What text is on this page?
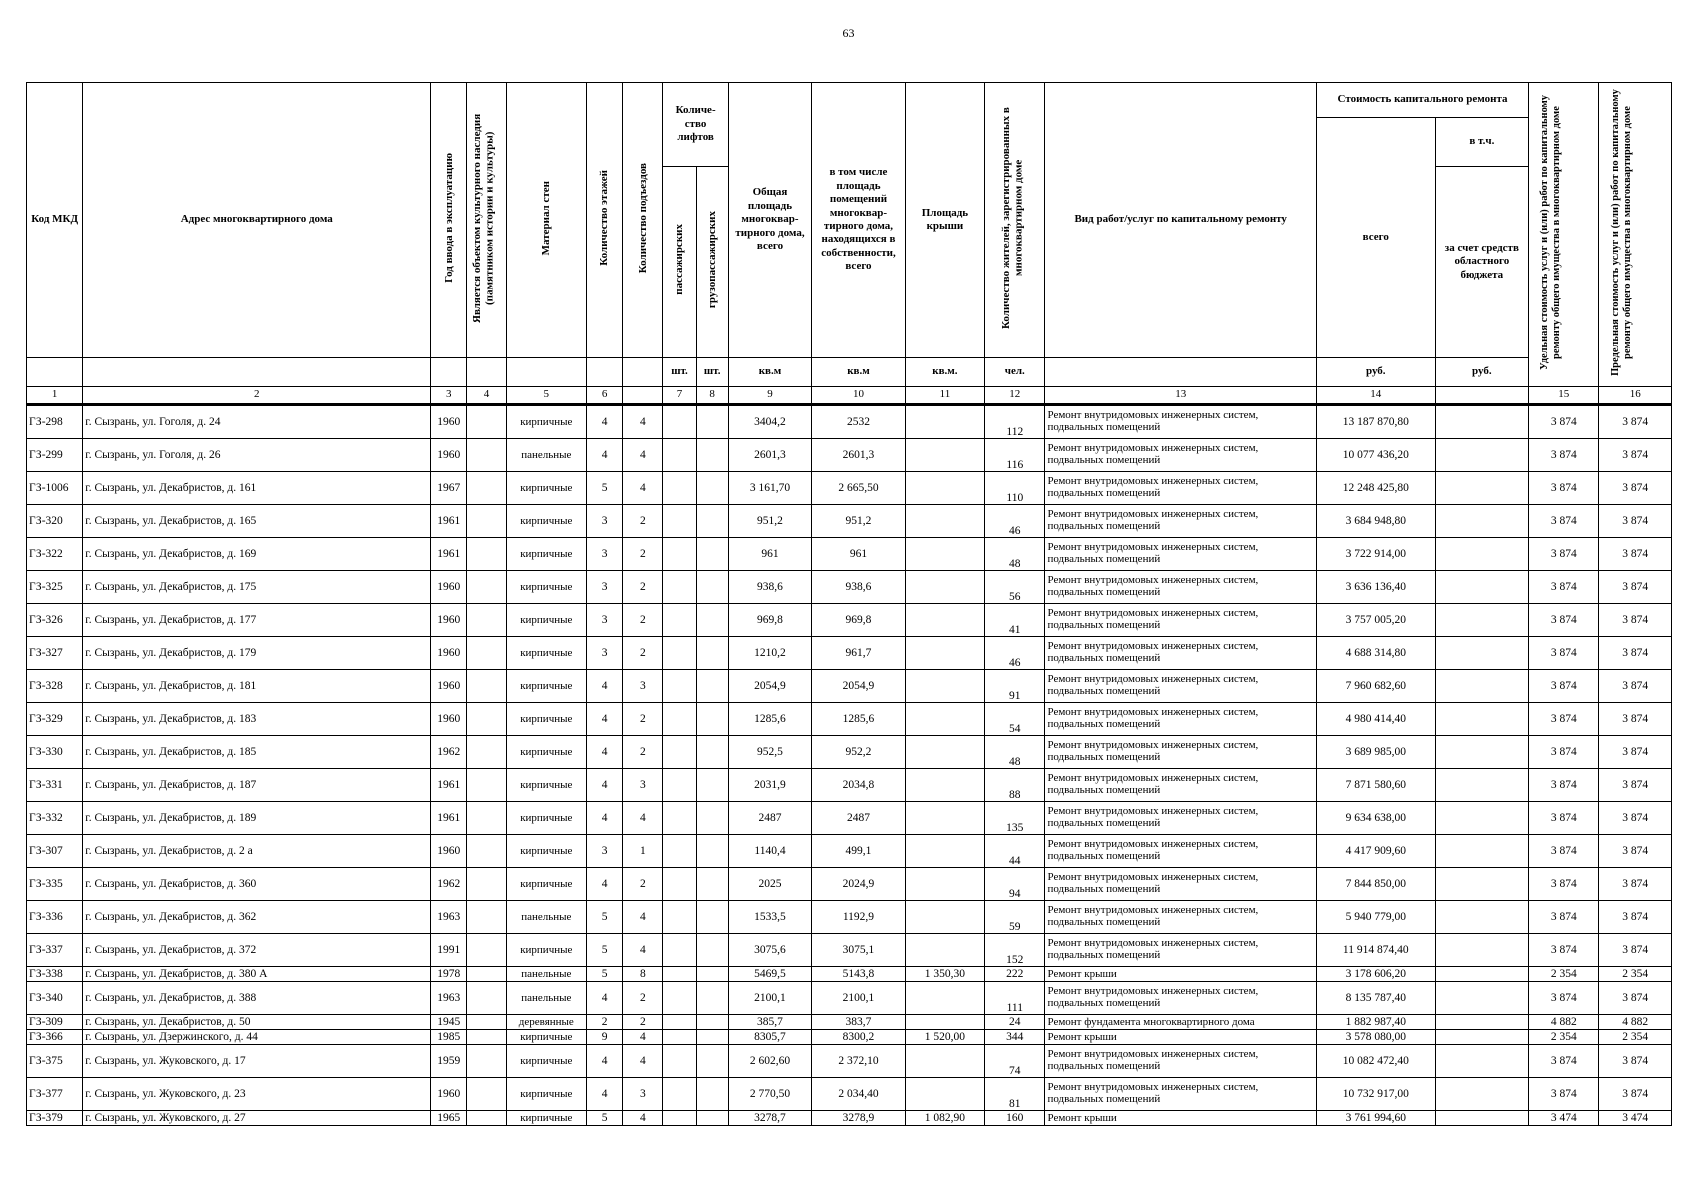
63
Код МКД	Адрес многоквартирного дома	Год ввода в эксплуатацию	Является объектом культурного наследия (памятником истории и культуры)	Материал стен	Количество этажей	Количество подъездов	Количе-ство лифтов		Общая площадь многоквар-тирного дома, всего	в том числе площадь помещений многоквар-тирного дома, находящихся в собственности, всего	Площадь крыши	Количество жителей, зарегистрированных в многоквартирном доме	Вид работ/услуг по капитальному ремонту	Стоимость капитального ремонта		Удельная стоимость услуг и (или) работ по капитальному ремонту общего имущества в многоквартирном доме	Предельная стоимость услуг и (или) работ по капитальному ремонту общего имущества в многоквартирном доме
														всего	в т.ч.		
							пассажирских	грузопассажирских							за счет средств областного бюджета		
							шт.	шт.	кв.м	кв.м	кв.м.	чел.		руб.	руб.		
1	2	3	4	5	6		7	8	9	10	11	12	13	14		15	16
ГЗ-298	г. Сызрань, ул. Гоголя, д. 24	1960		кирпичные	4	4			3404,2	2532		112	Ремонт внутридомовых инженерных систем, подвальных помещений	13 187 870,80		3 874	3 874
ГЗ-299	г. Сызрань, ул. Гоголя, д. 26	1960		панельные	4	4			2601,3	2601,3		116	Ремонт внутридомовых инженерных систем, подвальных помещений	10 077 436,20		3 874	3 874
ГЗ-1006	г. Сызрань, ул. Декабристов, д. 161	1967		кирпичные	5	4			3 161,70	2 665,50		110	Ремонт внутридомовых инженерных систем, подвальных помещений	12 248 425,80		3 874	3 874
ГЗ-320	г. Сызрань, ул. Декабристов, д. 165	1961		кирпичные	3	2			951,2	951,2		46	Ремонт внутридомовых инженерных систем, подвальных помещений	3 684 948,80		3 874	3 874
ГЗ-322	г. Сызрань, ул. Декабристов, д. 169	1961		кирпичные	3	2			961	961		48	Ремонт внутридомовых инженерных систем, подвальных помещений	3 722 914,00		3 874	3 874
ГЗ-325	г. Сызрань, ул. Декабристов, д. 175	1960		кирпичные	3	2			938,6	938,6		56	Ремонт внутридомовых инженерных систем, подвальных помещений	3 636 136,40		3 874	3 874
ГЗ-326	г. Сызрань, ул. Декабристов, д. 177	1960		кирпичные	3	2			969,8	969,8		41	Ремонт внутридомовых инженерных систем, подвальных помещений	3 757 005,20		3 874	3 874
ГЗ-327	г. Сызрань, ул. Декабристов, д. 179	1960		кирпичные	3	2			1210,2	961,7		46	Ремонт внутридомовых инженерных систем, подвальных помещений	4 688 314,80		3 874	3 874
ГЗ-328	г. Сызрань, ул. Декабристов, д. 181	1960		кирпичные	4	3			2054,9	2054,9		91	Ремонт внутридомовых инженерных систем, подвальных помещений	7 960 682,60		3 874	3 874
ГЗ-329	г. Сызрань, ул. Декабристов, д. 183	1960		кирпичные	4	2			1285,6	1285,6		54	Ремонт внутридомовых инженерных систем, подвальных помещений	4 980 414,40		3 874	3 874
ГЗ-330	г. Сызрань, ул. Декабристов, д. 185	1962		кирпичные	4	2			952,5	952,2		48	Ремонт внутридомовых инженерных систем, подвальных помещений	3 689 985,00		3 874	3 874
ГЗ-331	г. Сызрань, ул. Декабристов, д. 187	1961		кирпичные	4	3			2031,9	2034,8		88	Ремонт внутридомовых инженерных систем, подвальных помещений	7 871 580,60		3 874	3 874
ГЗ-332	г. Сызрань, ул. Декабристов, д. 189	1961		кирпичные	4	4			2487	2487		135	Ремонт внутридомовых инженерных систем, подвальных помещений	9 634 638,00		3 874	3 874
ГЗ-307	г. Сызрань, ул. Декабристов, д. 2 а	1960		кирпичные	3	1			1140,4	499,1		44	Ремонт внутридомовых инженерных систем, подвальных помещений	4 417 909,60		3 874	3 874
ГЗ-335	г. Сызрань, ул. Декабристов, д. 360	1962		кирпичные	4	2			2025	2024,9		94	Ремонт внутридомовых инженерных систем, подвальных помещений	7 844 850,00		3 874	3 874
ГЗ-336	г. Сызрань, ул. Декабристов, д. 362	1963		панельные	5	4			1533,5	1192,9		59	Ремонт внутридомовых инженерных систем, подвальных помещений	5 940 779,00		3 874	3 874
ГЗ-337	г. Сызрань, ул. Декабристов, д. 372	1991		кирпичные	5	4			3075,6	3075,1		152	Ремонт внутридомовых инженерных систем, подвальных помещений	11 914 874,40		3 874	3 874
ГЗ-338	г. Сызрань, ул. Декабристов, д. 380 А	1978		панельные	5	8			5469,5	5143,8	1 350,30	222	Ремонт крыши	3 178 606,20		2 354	2 354
ГЗ-340	г. Сызрань, ул. Декабристов, д. 388	1963		панельные	4	2			2100,1	2100,1		111	Ремонт внутридомовых инженерных систем, подвальных помещений	8 135 787,40		3 874	3 874
ГЗ-309	г. Сызрань, ул. Декабристов, д. 50	1945		деревянные	2	2			385,7	383,7		24	Ремонт фундамента многоквартирного дома	1 882 987,40		4 882	4 882
ГЗ-366	г. Сызрань, ул. Дзержинского, д. 44	1985		кирпичные	9	4			8305,7	8300,2	1 520,00	344	Ремонт крыши	3 578 080,00		2 354	2 354
ГЗ-375	г. Сызрань, ул. Жуковского, д. 17	1959		кирпичные	4	4			2 602,60	2 372,10		74	Ремонт внутридомовых инженерных систем, подвальных помещений	10 082 472,40		3 874	3 874
ГЗ-377	г. Сызрань, ул. Жуковского, д. 23	1960		кирпичные	4	3			2 770,50	2 034,40		81	Ремонт внутридомовых инженерных систем, подвальных помещений	10 732 917,00		3 874	3 874
ГЗ-379	г. Сызрань, ул. Жуковского, д. 27	1965		кирпичные	5	4			3278,7	3278,9	1 082,90	160	Ремонт крыши	3 761 994,60		3 474	3 474
